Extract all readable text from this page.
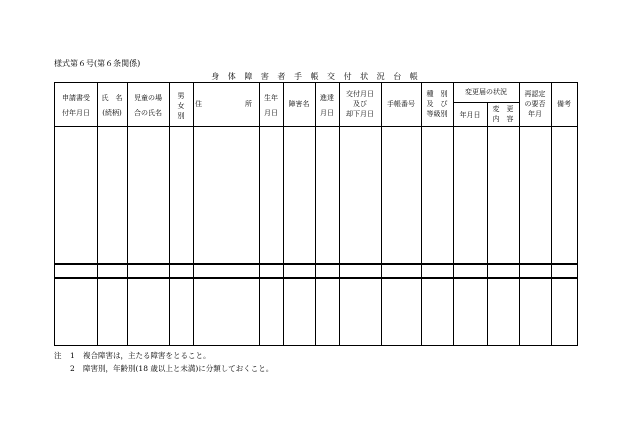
様式第６号(第６条関係)
身 体 障 害 者 手 帳 交 付 状 況 台 帳
申請書受
付年月日
氏　名
(続柄)
児童の場
合の氏名
男
女
別
住	所
生年
月日
障害名
進達
月日
交付月日
及び
却下月日
手帳番号
種　別
及　び
等級別
変更届の状況
年月日
変　更
内　容
再認定
の要否
年月
備考
注 1 複合障害は，主たる障害をとること。
2 障害別，年齢別(18 歳以上と未満)に分類しておくこと。
